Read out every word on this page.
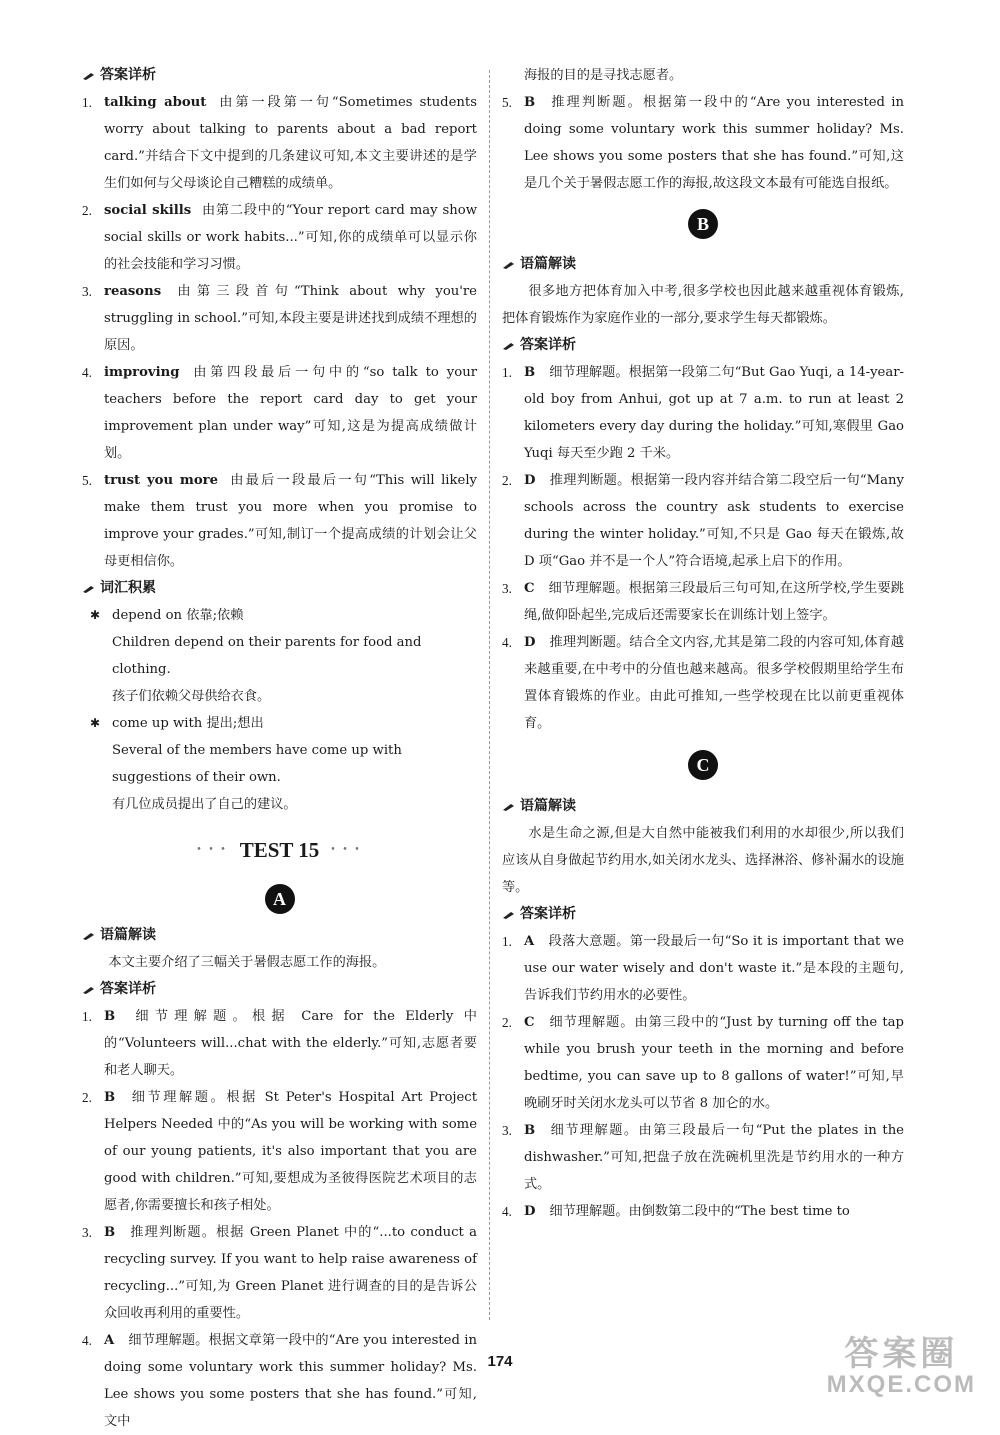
答案详析

1. talking about 由第一段第一句“Sometimes students worry about talking to parents about a bad report card.”并结合下文中提到的几条建议可知,本文主要讲述的是学生们如何与父母谈论自己糟糕的成绩单。
2. social skills 由第二段中的“Your report card may show social skills or work habits...”可知,你的成绩单可以显示你的社会技能和学习习惯。
3. reasons 由第三段首句“Think about why you're struggling in school.”可知,本段主要是讲述找到成绩不理想的原因。
4. improving 由第四段最后一句中的“so talk to your teachers before the report card day to get your improvement plan under way”可知,这是为提高成绩做计划。
5. trust you more 由最后一段最后一句“This will likely make them trust you more when you promise to improve your grades.”可知,制订一个提高成绩的计划会让父母更相信你。

词汇积累

✱ depend on 依靠;依赖
Children depend on their parents for food and clothing.
孩子们依赖父母供给衣食。
✱ come up with 提出;想出
Several of the members have come up with suggestions of their own.
有几位成员提出了自己的建议。
• • • TEST 15 • • •
A

语篇解读

本文主要介绍了三幅关于暑假志愿工作的海报。

答案详析

1. B 细节理解题。根据 Care for the Elderly 中的“Volunteers will...chat with the elderly.”可知,志愿者要和老人聊天。
2. B 细节理解题。根据 St Peter's Hospital Art Project Helpers Needed 中的“As you will be working with some of our young patients, it's also important that you are good with children.”可知,要想成为圣彼得医院艺术项目的志愿者,你需要擅长和孩子相处。
3. B 推理判断题。根据 Green Planet 中的“...to conduct a recycling survey. If you want to help raise awareness of recycling...”可知,为 Green Planet 进行调查的目的是告诉公众回收再利用的重要性。
4. A 细节理解题。根据文章第一段中的“Are you interested in doing some voluntary work this summer holiday? Ms. Lee shows you some posters that she has found.”可知,文中

海报的目的是寻找志愿者。

5. B 推理判断题。根据第一段中的“Are you interested in doing some voluntary work this summer holiday? Ms. Lee shows you some posters that she has found.”可知,这是几个关于暑假志愿工作的海报,故这段文本最有可能选自报纸。
B

语篇解读

很多地方把体育加入中考,很多学校也因此越来越重视体育锻炼,把体育锻炼作为家庭作业的一部分,要求学生每天都锻炼。

答案详析

1. B 细节理解题。根据第一段第二句“But Gao Yuqi, a 14-year-old boy from Anhui, got up at 7 a.m. to run at least 2 kilometers every day during the holiday.”可知,寒假里 Gao Yuqi 每天至少跑 2 千米。
2. D 推理判断题。根据第一段内容并结合第二段空后一句“Many schools across the country ask students to exercise during the winter holiday.”可知,不只是 Gao 每天在锻炼,故 D 项“Gao 并不是一个人”符合语境,起承上启下的作用。
3. C 细节理解题。根据第三段最后三句可知,在这所学校,学生要跳绳,做仰卧起坐,完成后还需要家长在训练计划上签字。
4. D 推理判断题。结合全文内容,尤其是第二段的内容可知,体育越来越重要,在中考中的分值也越来越高。很多学校假期里给学生布置体育锻炼的作业。由此可推知,一些学校现在比以前更重视体育。
C

语篇解读

水是生命之源,但是大自然中能被我们利用的水却很少,所以我们应该从自身做起节约用水,如关闭水龙头、选择淋浴、修补漏水的设施等。

答案详析

1. A 段落大意题。第一段最后一句“So it is important that we use our water wisely and don't waste it.”是本段的主题句,告诉我们节约用水的必要性。
2. C 细节理解题。由第三段中的“Just by turning off the tap while you brush your teeth in the morning and before bedtime, you can save up to 8 gallons of water!”可知,早晚刷牙时关闭水龙头可以节省 8 加仑的水。
3. B 细节理解题。由第三段最后一句“Put the plates in the dishwasher.”可知,把盘子放在洗碗机里洗是节约用水的一种方式。
4. D 细节理解题。由倒数第二段中的“The best time to
174	答案圈
MXQE.COM
